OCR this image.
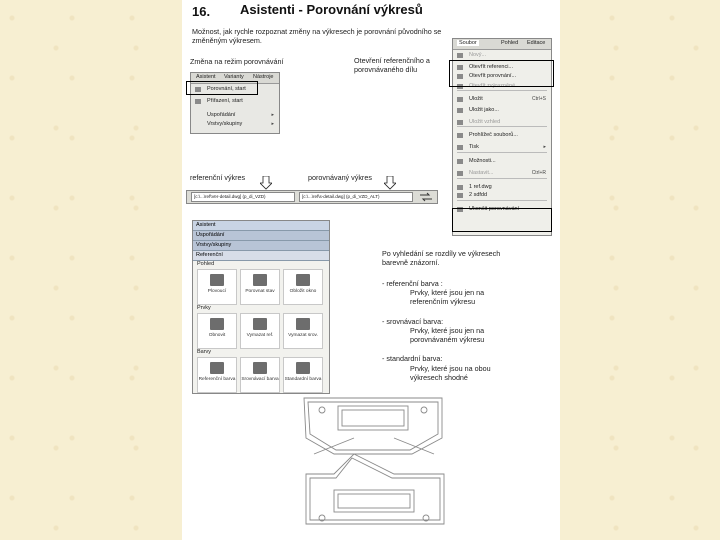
16. Asistenti - Porovnání výkresů
Možnost, jak rychle rozpoznat změny na výkresech je porovnání původního se změněným výkresem.
Změna na režim porovnávání	Otevření referenčního a porovnávaného dílu
Asistent Varianty Nástroje
Porovnání, start
Přiřazení, start
Uspořádání	▸
Vrstvy/skupiny	▸
Soubor	Pohled Editace
Nový...
Otevřít referenci...
Otevřít porovnání...
Otevřít zvýrazněné
Uložit	Ctrl+S
Uložit jako...
Uložit vzhled
Prohlížeč souborů...
Tisk	▸
Možnosti...
Nastavit...	Ctrl+R
1 ref.dwg
2 sdfdd
Ukončit porovnávání
referenční výkres	porovnávaný výkres
[c:\...\ref\Ver-detail.dwg] (p_di_VZD)	[c:\...\ref\s-detail.dwg] (p_di_VZD_ALT)
Asistent
Uspořádání
Vrstvy/skupiny
Referenční
Pohled
Plovoucí	Porovnat stav	Obložit okno
Prvky
Obnovit	Vymazat ref.	Vymazat srov.
Barvy
Referenční barva Srovnávací barva Standardní barva
Po vyhledání se rozdíly ve výkresech barevně znázorní.
- referenční barva :
Prvky, které jsou jen na referenčním výkresu
- srovnávací barva:
Prvky, které jsou jen na porovnávaném výkresu
- standardní barva:
Prvky, které jsou na obou výkresech shodné
